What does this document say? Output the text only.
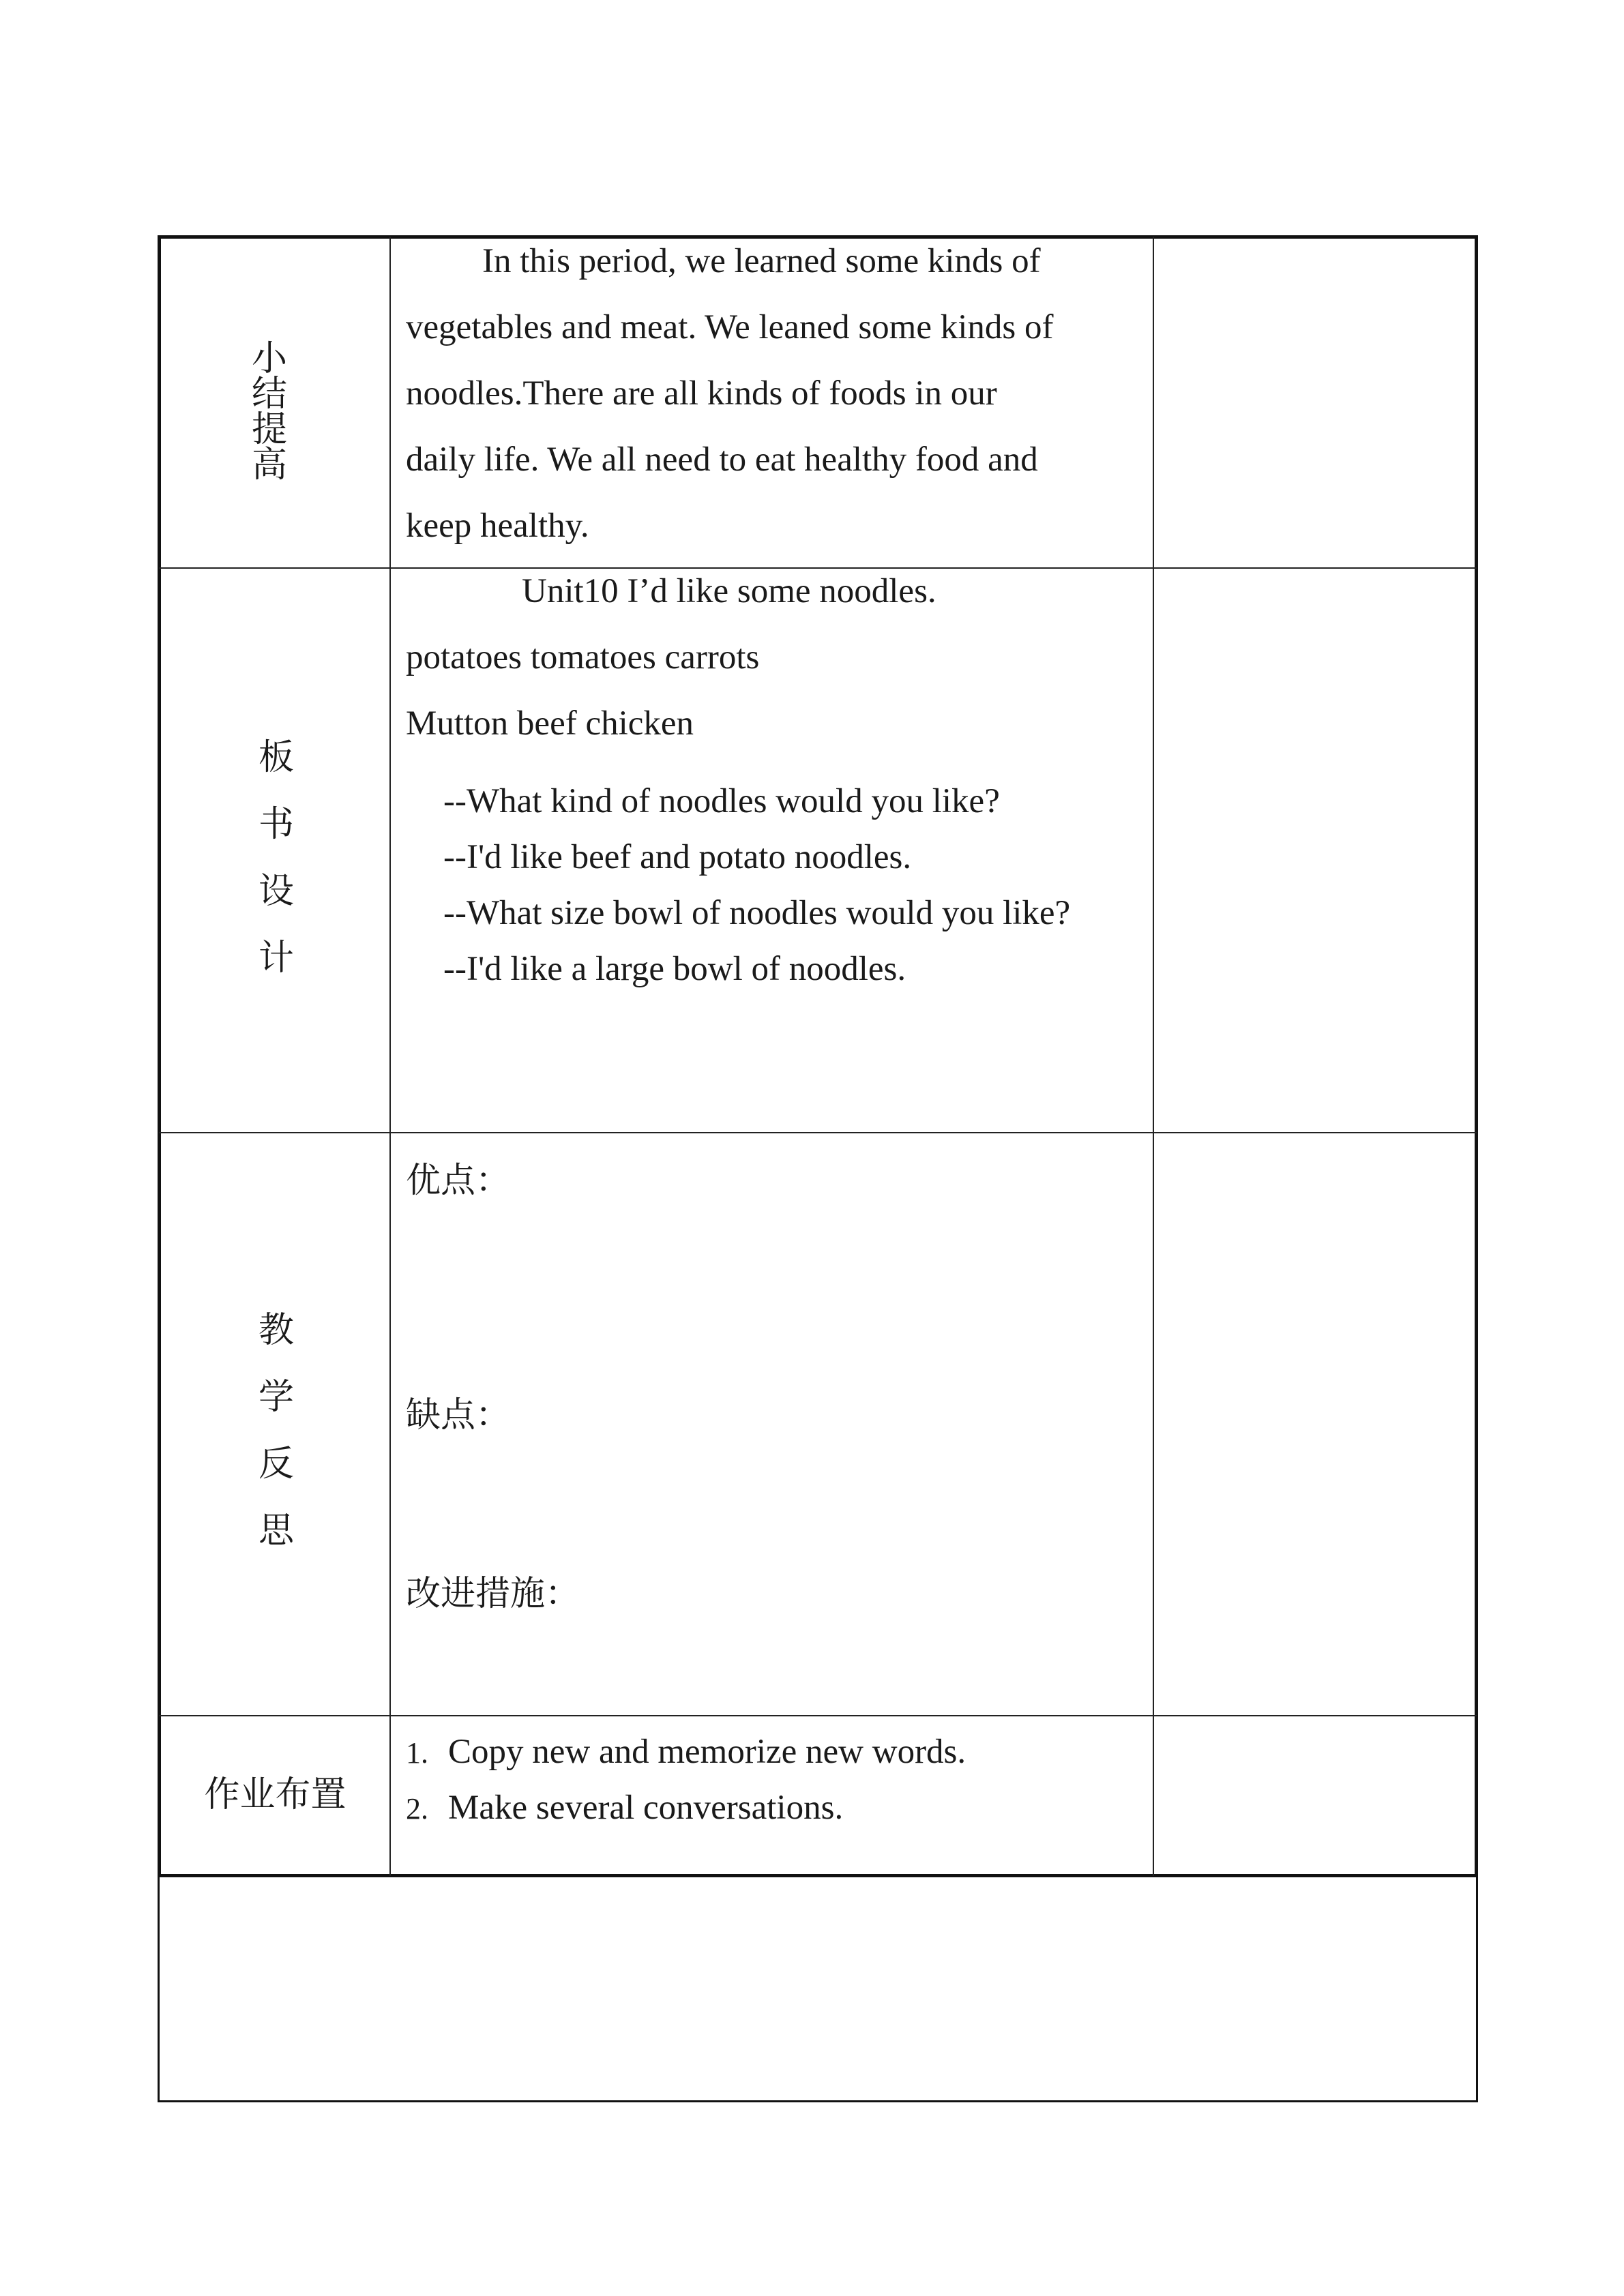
小
结
提
高
In this period, we learned some kinds of
vegetables and meat. We leaned some kinds of
noodles.There are all kinds of foods in our
daily life. We all need to eat healthy food and
keep healthy.
板
书
设
计
Unit10 I’d like some noodles.
potatoes tomatoes carrots
Mutton beef chicken
--What kind of noodles would you like?
--I'd like beef and potato noodles.
--What size bowl of noodles would you like?
--I'd like a large bowl of noodles.
教
学
反
思
优点：
缺点：
改进措施：
作业布置
1. Copy new and memorize new words.
2. Make several conversations.
